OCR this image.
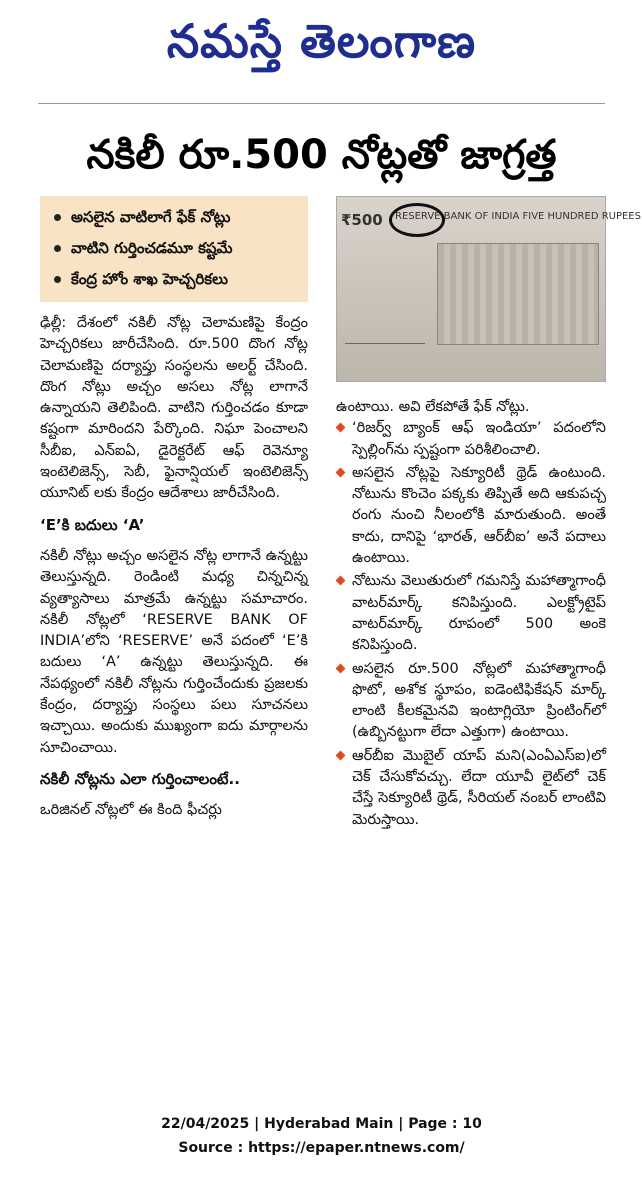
నమస్తే తెలంగాణ
నకిలీ రూ.500 నోట్లతో జాగ్రత్త
అసలైన వాటిలాగే ఫేక్ నోట్లు
వాటిని గుర్తించడమూ కష్టమే
కేంద్ర హోం శాఖ హెచ్చరికలు
₹500 RESERVE BANK OF INDIA FIVE HUNDRED RUPEES

ఢిల్లీ: దేశంలో నకిలీ నోట్ల చెలామణిపై కేంద్రం హెచ్చరికలు జారీచేసింది. రూ.500 దొంగ నోట్ల చెలామణిపై దర్యాప్తు సంస్థలను అలర్ట్ చేసింది. దొంగ నోట్లు అచ్చం అసలు నోట్ల లాగానే ఉన్నాయని తెలిపింది. వాటిని గుర్తించడం కూడా కష్టంగా మారిందని పేర్కొంది. నిఘా పెంచాలని సీబీఐ, ఎన్ఐఏ, డైరెక్టరేట్ ఆఫ్ రెవెన్యూ ఇంటెలిజెన్స్, సెబీ, ఫైనాన్షియల్ ఇంటెలిజెన్స్ యూనిట్ లకు కేంద్రం ఆదేశాలు జారీచేసింది.

‘E’కి బదులు ‘A’

నకిలీ నోట్లు అచ్చం అసలైన నోట్ల లాగానే ఉన్నట్టు తెలుస్తున్నది. రెండింటి మధ్య చిన్నచిన్న వ్యత్యాసాలు మాత్రమే ఉన్నట్టు సమాచారం. నకిలీ నోట్లలో ‘RESERVE BANK OF INDIA’లోని ‘RESERVE’ అనే పదంలో ‘E’కి బదులు ‘A’ ఉన్నట్టు తెలుస్తున్నది. ఈ నేపథ్యంలో నకిలీ నోట్లను గుర్తించేందుకు ప్రజలకు కేంద్రం, దర్యాప్తు సంస్థలు పలు సూచనలు ఇచ్చాయి. అందుకు ముఖ్యంగా ఐదు మార్గాలను సూచించాయి.

నకిలీ నోట్లను ఎలా గుర్తించాలంటే..

ఒరిజినల్ నోట్లలో ఈ కింది ఫీచర్లు

ఉంటాయి. అవి లేకపోతే ఫేక్ నోట్లు.

‘రిజర్వ్ బ్యాంక్ ఆఫ్ ఇండియా’ పదంలోని స్పెల్లింగ్‌ను స్పష్టంగా పరిశీలించాలి.
అసలైన నోట్లపై సెక్యూరిటీ థ్రెడ్ ఉంటుంది. నోటును కొంచెం పక్కకు తిప్పితే అది ఆకుపచ్చ రంగు నుంచి నీలంలోకి మారుతుంది. అంతే కాదు, దానిపై ‘భారత్, ఆర్‌బీఐ’ అనే పదాలు ఉంటాయి.
నోటును వెలుతురులో గమనిస్తే మహాత్మాగాంధీ వాటర్‌మార్క్ కనిపిస్తుంది. ఎలక్ట్రోటైప్ వాటర్‌మార్క్ రూపంలో 500 అంకె కనిపిస్తుంది.
అసలైన రూ.500 నోట్లలో మహాత్మాగాంధీ ఫొటో, అశోక స్థూపం, ఐడెంటిఫికేషన్ మార్క్ లాంటి కీలకమైనవి ఇంటాగ్లియో ప్రింటింగ్‌లో (ఉబ్బినట్టుగా లేదా ఎత్తుగా) ఉంటాయి.
ఆర్‌బీఐ మొబైల్ యాప్ మని(ఎంఏఎస్ఐ)లో చెక్ చేసుకోవచ్చు. లేదా యూవీ లైట్‌లో చెక్ చేస్తే సెక్యూరిటీ థ్రెడ్, సీరియల్ నంబర్ లాంటివి మెరుస్తాయి.
22/04/2025 | Hyderabad Main | Page : 10
Source : https://epaper.ntnews.com/
